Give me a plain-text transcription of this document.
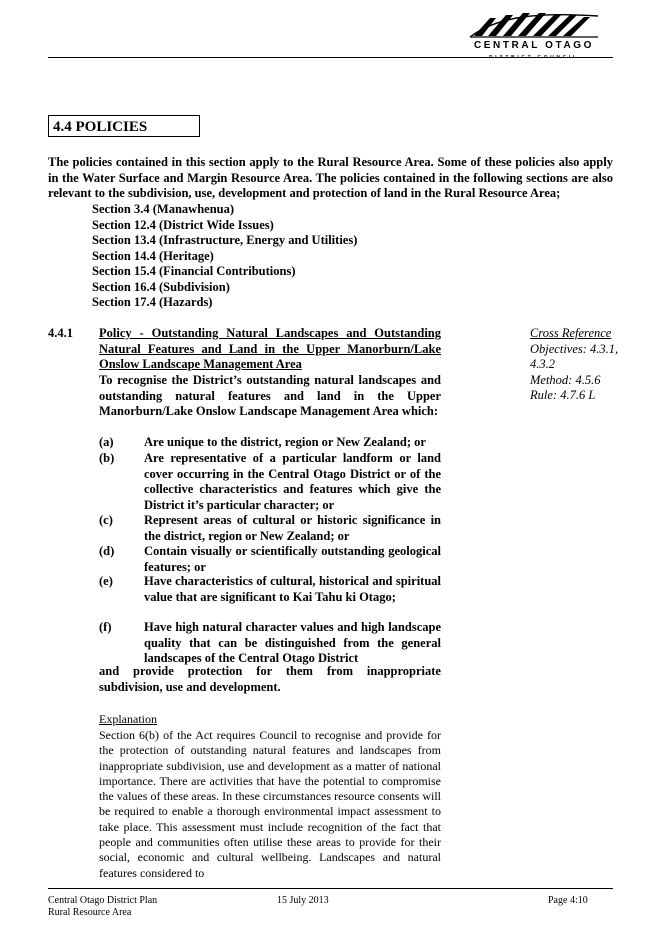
CENTRAL OTAGO
4.4 POLICIES
The policies contained in this section apply to the Rural Resource Area. Some of these policies also apply in the Water Surface and Margin Resource Area. The policies contained in the following sections are also relevant to the subdivision, use, development and protection of land in the Rural Resource Area;
Section 3.4 (Manawhenua)
Section 12.4 (District Wide Issues)
Section 13.4 (Infrastructure, Energy and Utilities)
Section 14.4 (Heritage)
Section 15.4 (Financial Contributions)
Section 16.4 (Subdivision)
Section 17.4 (Hazards)
4.4.1 Policy - Outstanding Natural Landscapes and Outstanding Natural Features and Land in the Upper Manorburn/Lake Onslow Landscape Management Area
To recognise the District’s outstanding natural landscapes and outstanding natural features and land in the Upper Manorburn/Lake Onslow Landscape Management Area which:
(a) Are unique to the district, region or New Zealand; or
(b) Are representative of a particular landform or land cover occurring in the Central Otago District or of the collective characteristics and features which give the District it’s particular character; or
(c) Represent areas of cultural or historic significance in the district, region or New Zealand; or
(d) Contain visually or scientifically outstanding geological features; or
(e) Have characteristics of cultural, historical and spiritual value that are significant to Kai Tahu ki Otago;
(f)	Have high natural character values and high landscape quality that can be distinguished from the general landscapes of the Central Otago District
and provide protection for them from inappropriate subdivision, use and development.
Explanation
Section 6(b) of the Act requires Council to recognise and provide for the protection of outstanding natural features and landscapes from inappropriate subdivision, use and development as a matter of national importance. There are activities that have the potential to compromise the values of these areas. In these circumstances resource consents will be required to enable a thorough environmental impact assessment to take place. This assessment must include recognition of the fact that people and communities often utilise these areas to provide for their social, economic and cultural wellbeing. Landscapes and natural features considered to
Cross Reference
Objectives: 4.3.1,
4.3.2
Method: 4.5.6
Rule: 4.7.6 L
Central Otago District Plan
Rural Resource Area
15 July 2013	Page 4:10
